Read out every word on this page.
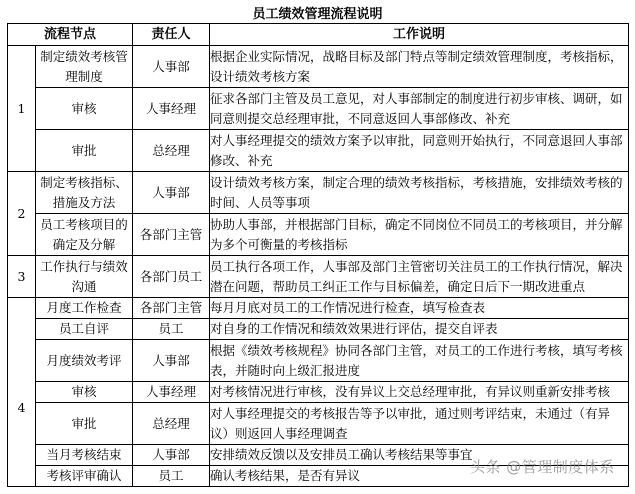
员工绩效管理流程说明
流程节点		责任人	工作说明
1	制定绩效考核管理制度	人事部	根据企业实际情况，战略目标及部门特点等制定绩效管理制度，考核指标，设计绩效考核方案
	审核	人事经理	征求各部门主管及员工意见，对人事部制定的制度进行初步审核、调研，如同意则提交总经理审批，不同意返回人事部修改、补充
	审批	总经理	对人事经理提交的绩效方案予以审批，同意则开始执行，不同意退回人事部修改、补充
2	制定考核指标、措施及方法	人事部	设计绩效考核方案，制定合理的绩效考核指标，考核措施，安排绩效考核的时间、人员等事项
	员工考核项目的确定及分解	各部门主管	协助人事部，并根据部门目标，确定不同岗位不同员工的考核项目，并分解为多个可衡量的考核指标
3	工作执行与绩效沟通	各部门员工	员工执行各项工作，人事部及部门主管密切关注员工的工作执行情况，解决潜在问题，帮助员工纠正工作与目标偏差，确定日后下一期改进重点
4	月度工作检查	各部门主管	每月月底对员工的工作情况进行检查，填写检查表
	员工自评	员工	对自身的工作情况和绩效效果进行评估，提交自评表
	月度绩效考评	人事部	根据《绩效考核规程》协同各部门主管，对员工的工作进行考核，填写考核表，并随时向上级汇报进度
	审核	人事经理	对考核情况进行审核，没有异议上交总经理审批，有异议则重新安排考核
	审批	总经理	对人事经理提交的考核报告等予以审批，通过则考评结束，未通过（有异议）则返回人事经理调查
	当月考核结束	人事部	安排绩效反馈以及安排员工确认考核结果等事宜
	考核评审确认	员工	确认考核结果，是否有异议	头条 @管理制度体系
